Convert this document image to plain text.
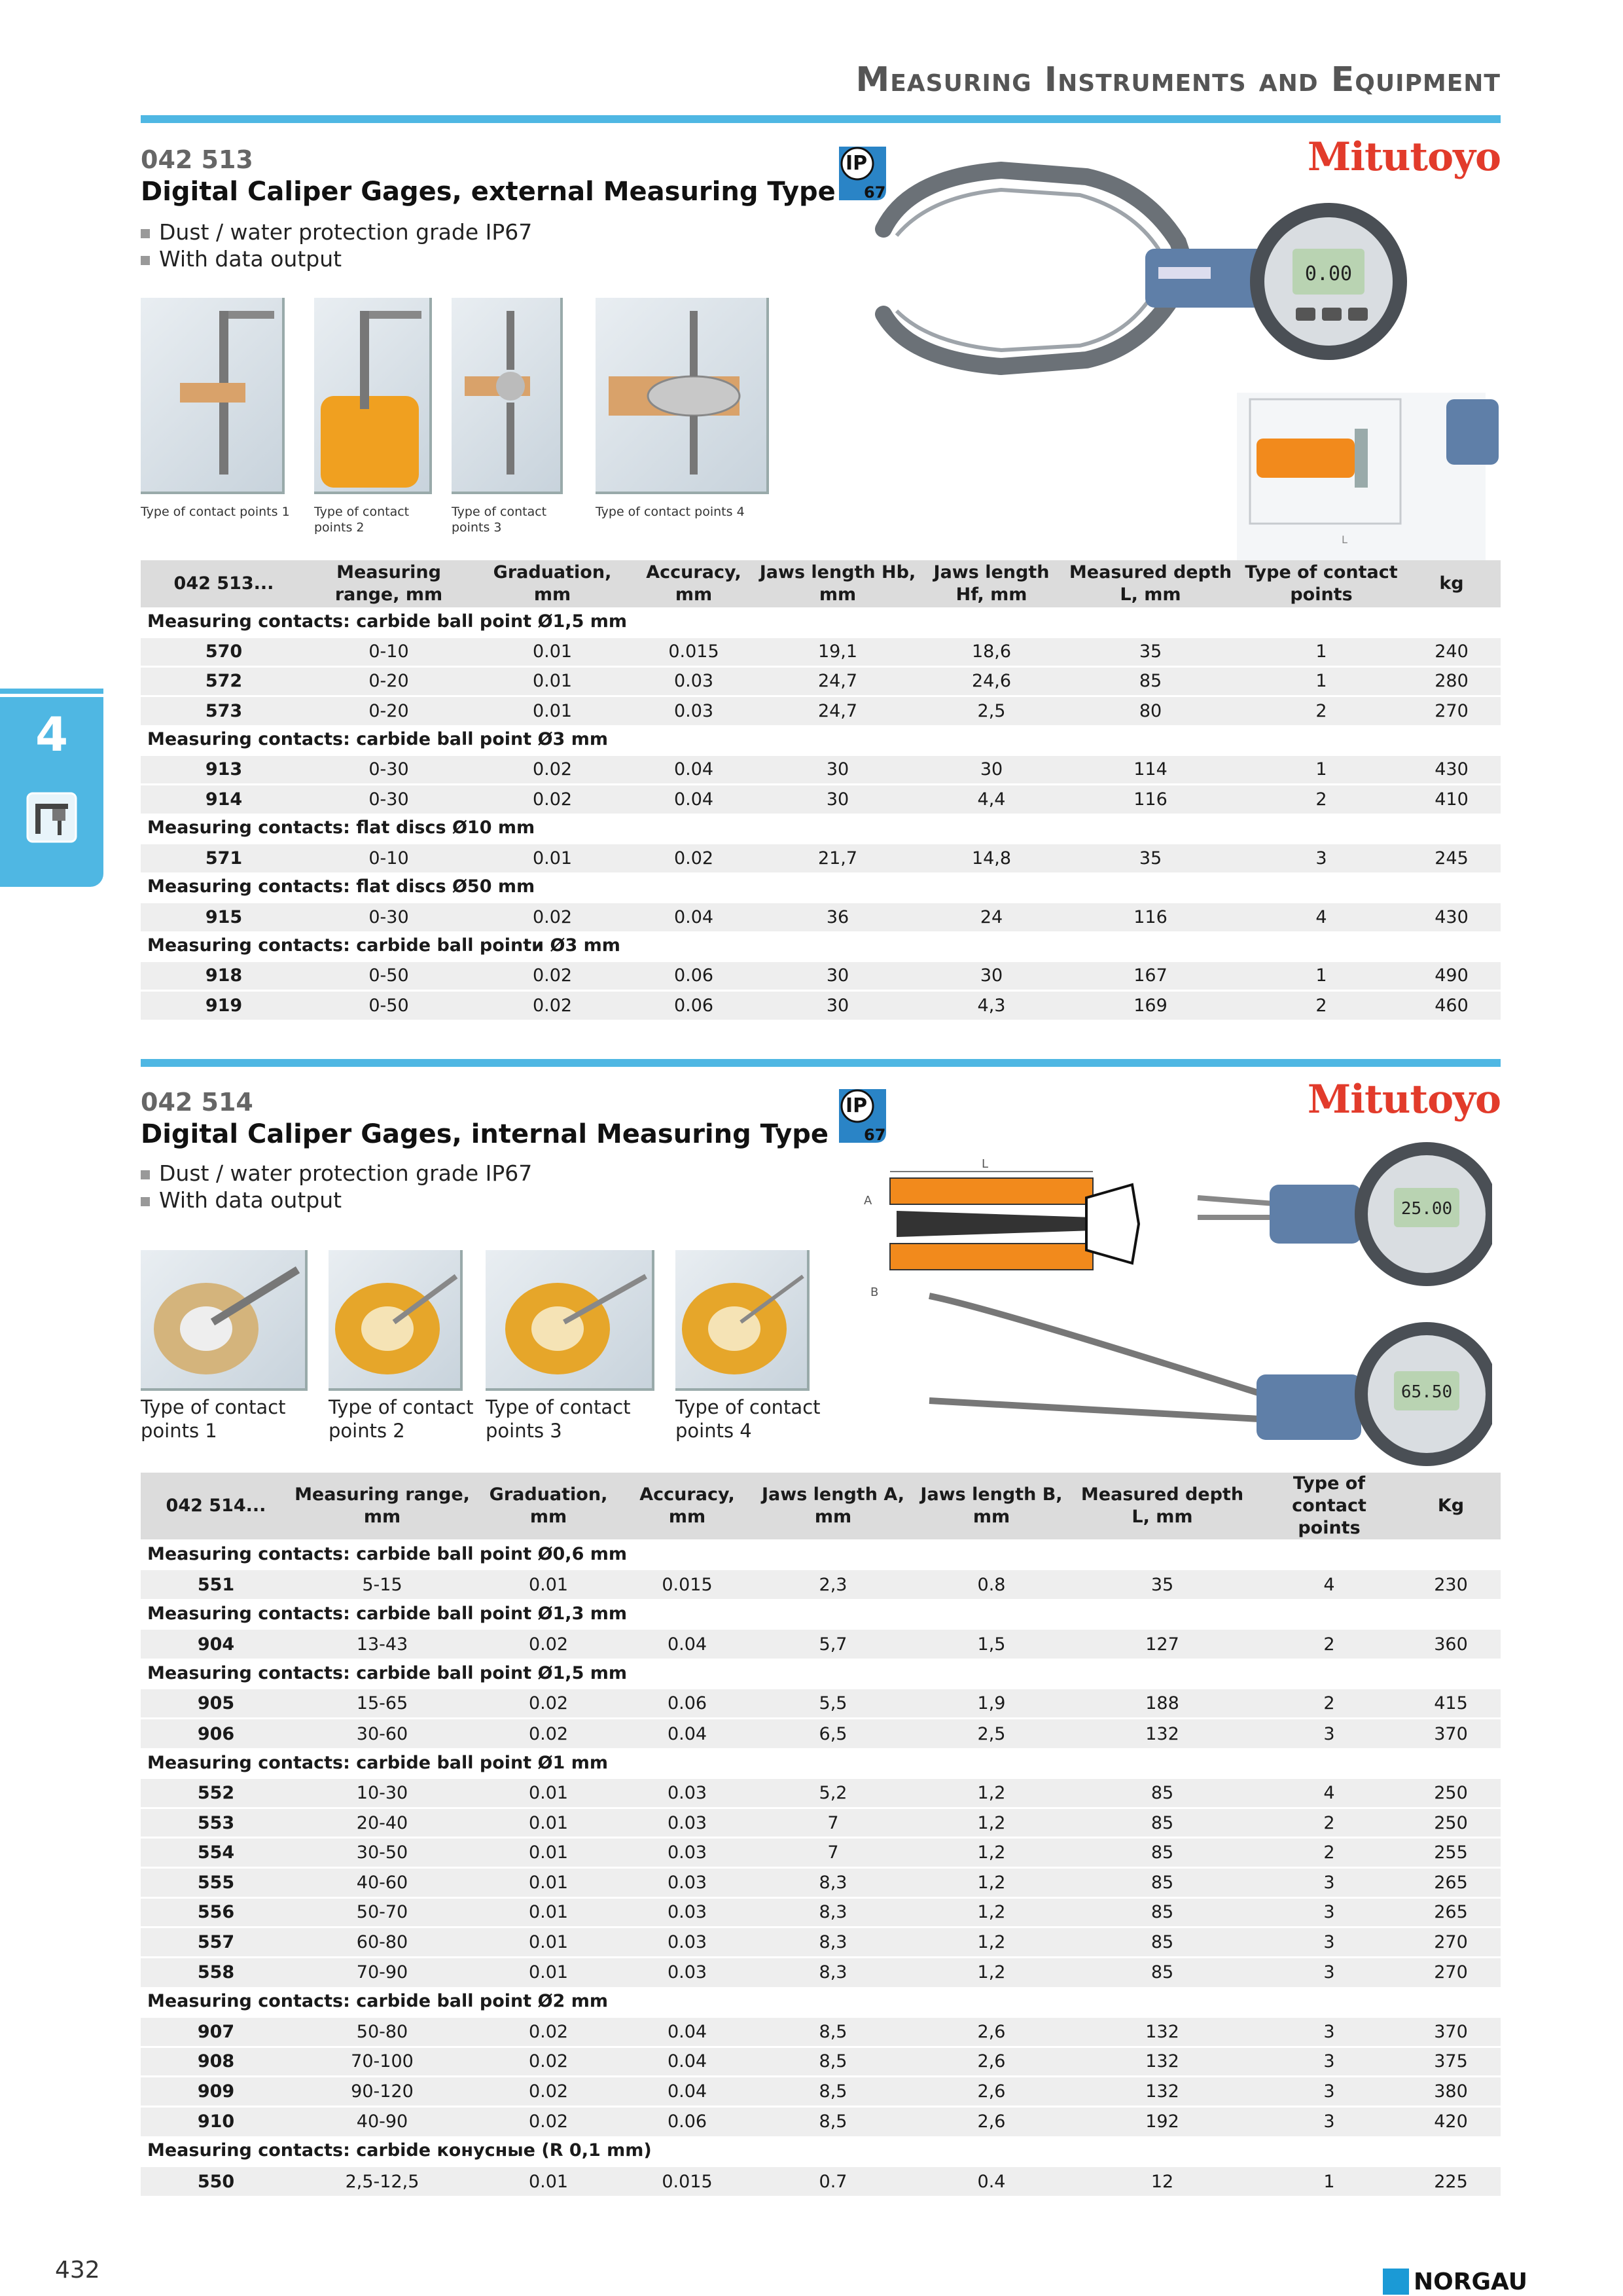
Measuring Instruments and Equipment
4
042 513
Digital Caliper Gages, external Measuring Type
Dust / water protection grade IP67
With data output
IP
67
Mitutoyo
0.00
L
Type of contact points 1 Type of contact points 2
Type of contact points 3
Type of contact points 4
042 513...	Measuring range, mm	Graduation, mm	Accuracy, mm	Jaws length Hb, mm	Jaws length Hf, mm	Measured depth L, mm	Type of contact points	kg
Measuring contacts: carbide ball point Ø1,5 mm								
570	0-10	0.01	0.015	19,1	18,6	35	1	240
572	0-20	0.01	0.03	24,7	24,6	85	1	280
573	0-20	0.01	0.03	24,7	2,5	80	2	270
Measuring contacts: carbide ball point Ø3 mm								
913	0-30	0.02	0.04	30	30	114	1	430
914	0-30	0.02	0.04	30	4,4	116	2	410
Measuring contacts: flat discs Ø10 mm								
571	0-10	0.01	0.02	21,7	14,8	35	3	245
Measuring contacts: flat discs Ø50 mm								
915	0-30	0.02	0.04	36	24	116	4	430
Measuring contacts: carbide ball pointи Ø3 mm								
918	0-50	0.02	0.06	30	30	167	1	490
919	0-50	0.02	0.06	30	4,3	169	2	460
042 514
Digital Caliper Gages, internal Measuring Type
Dust / water protection grade IP67
With data output
IP
67
Mitutoyo
L
A
B
25.00
65.50
Type of contact points 1
Type of contact points 2
Type of contact points 3
Type of contact points 4
042 514...	Measuring range, mm	Graduation, mm	Accuracy, mm	Jaws length A, mm	Jaws length B, mm	Measured depth L, mm	Type of contact points	Kg
Measuring contacts: carbide ball point Ø0,6 mm								
551	5-15	0.01	0.015	2,3	0.8	35	4	230
Measuring contacts: carbide ball point Ø1,3 mm								
904	13-43	0.02	0.04	5,7	1,5	127	2	360
Measuring contacts: carbide ball point Ø1,5 mm								
905	15-65	0.02	0.06	5,5	1,9	188	2	415
906	30-60	0.02	0.04	6,5	2,5	132	3	370
Measuring contacts: carbide ball point Ø1 mm								
552	10-30	0.01	0.03	5,2	1,2	85	4	250
553	20-40	0.01	0.03	7	1,2	85	2	250
554	30-50	0.01	0.03	7	1,2	85	2	255
555	40-60	0.01	0.03	8,3	1,2	85	3	265
556	50-70	0.01	0.03	8,3	1,2	85	3	265
557	60-80	0.01	0.03	8,3	1,2	85	3	270
558	70-90	0.01	0.03	8,3	1,2	85	3	270
Measuring contacts: carbide ball point Ø2 mm								
907	50-80	0.02	0.04	8,5	2,6	132	3	370
908	70-100	0.02	0.04	8,5	2,6	132	3	375
909	90-120	0.02	0.04	8,5	2,6	132	3	380
910	40-90	0.02	0.06	8,5	2,6	192	3	420
Measuring contacts: carbide конусные (R 0,1 mm)								
550	2,5-12,5	0.01	0.015	0.7	0.4	12	1	225
432	NORGAU
